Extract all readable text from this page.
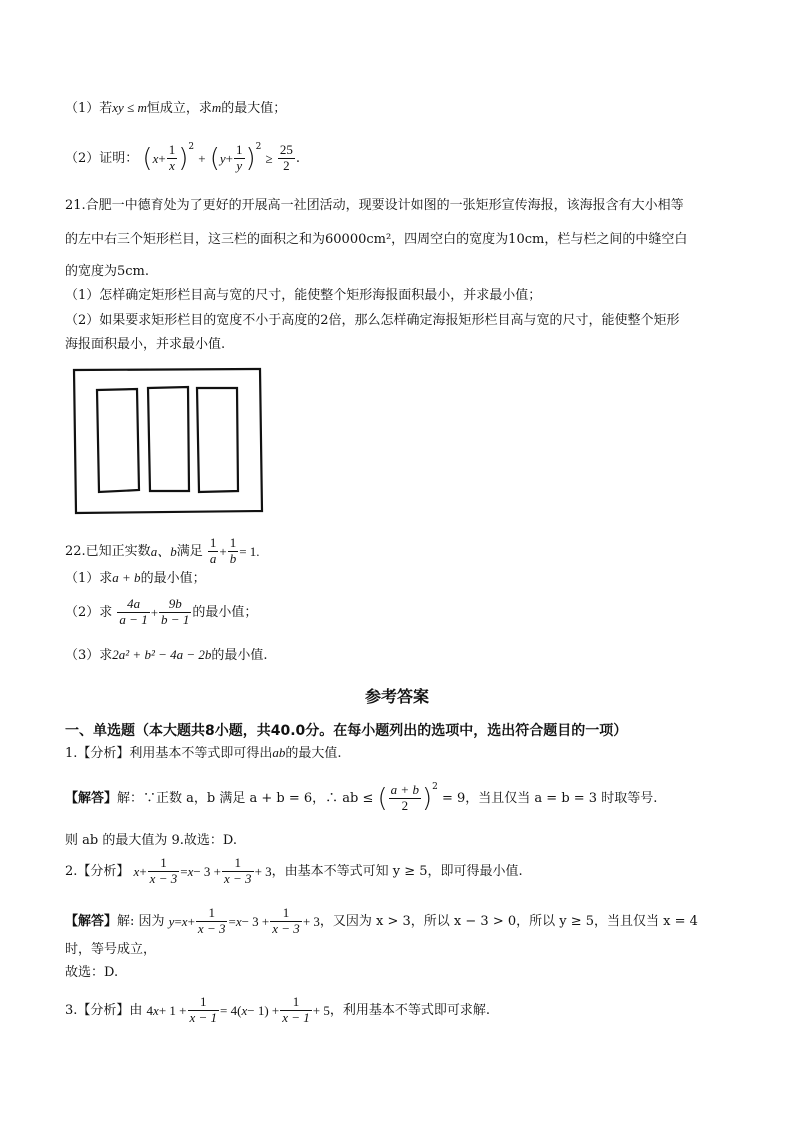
（1）若xy ≤ m恒成立，求m的最大值；
（2）证明： $(x+ \frac{1}{x} )^2 + (y+ \frac{1}{y} )^2 \ge \frac{25}{2}$ .
21.合肥一中德育处为了更好的开展高一社团活动，现要设计如图的一张矩形宣传海报，该海报含有大小相等
的左中右三个矩形栏目，这三栏的面积之和为60000cm²，四周空白的宽度为10cm，栏与栏之间的中缝空白
的宽度为5cm.
（1）怎样确定矩形栏目高与宽的尺寸，能使整个矩形海报面积最小，并求最小值；
（2）如果要求矩形栏目的宽度不小于高度的2倍，那么怎样确定海报矩形栏目高与宽的尺寸，能使整个矩形
海报面积最小，并求最小值.
22.已知正实数a、b满足 $\frac{1}{a} + \frac{1}{b} = 1$.
（1）求a + b的最小值；
（2）求 $\frac{4a}{a - 1} + \frac{9b}{b - 1}$ 的最小值；
（3）求2a² + b² − 4a − 2b的最小值.
参考答案
一、单选题（本大题共8小题，共40.0分。在每小题列出的选项中，选出符合题目的一项）
1.【分析】利用基本不等式即可得出ab的最大值.
【解答】解：∵正数 a，b 满足 a + b = 6，∴ ab ≤ ( $\frac{a + b}{2} )^2 = 9$，当且仅当 a = b = 3 时取等号.
则 ab 的最大值为 9.故选：D.
2.【分析】 $x+ \frac{1}{x - 3} =x- 3 + \frac{1}{x - 3} + 3$，由基本不等式可知 y ≥ 5，即可得最小值.
【解答】解: 因为 $y=x+ \frac{1}{x - 3} =x- 3 + \frac{1}{x - 3} + 3$，又因为 x > 3，所以 x − 3 > 0，所以 y ≥ 5，当且仅当 x = 4
时，等号成立，
故选：D.
3.【分析】由 $4x+ 1 + \frac{1}{x - 1} = 4(x- 1) + \frac{1}{x - 1} + 5$，利用基本不等式即可求解.
